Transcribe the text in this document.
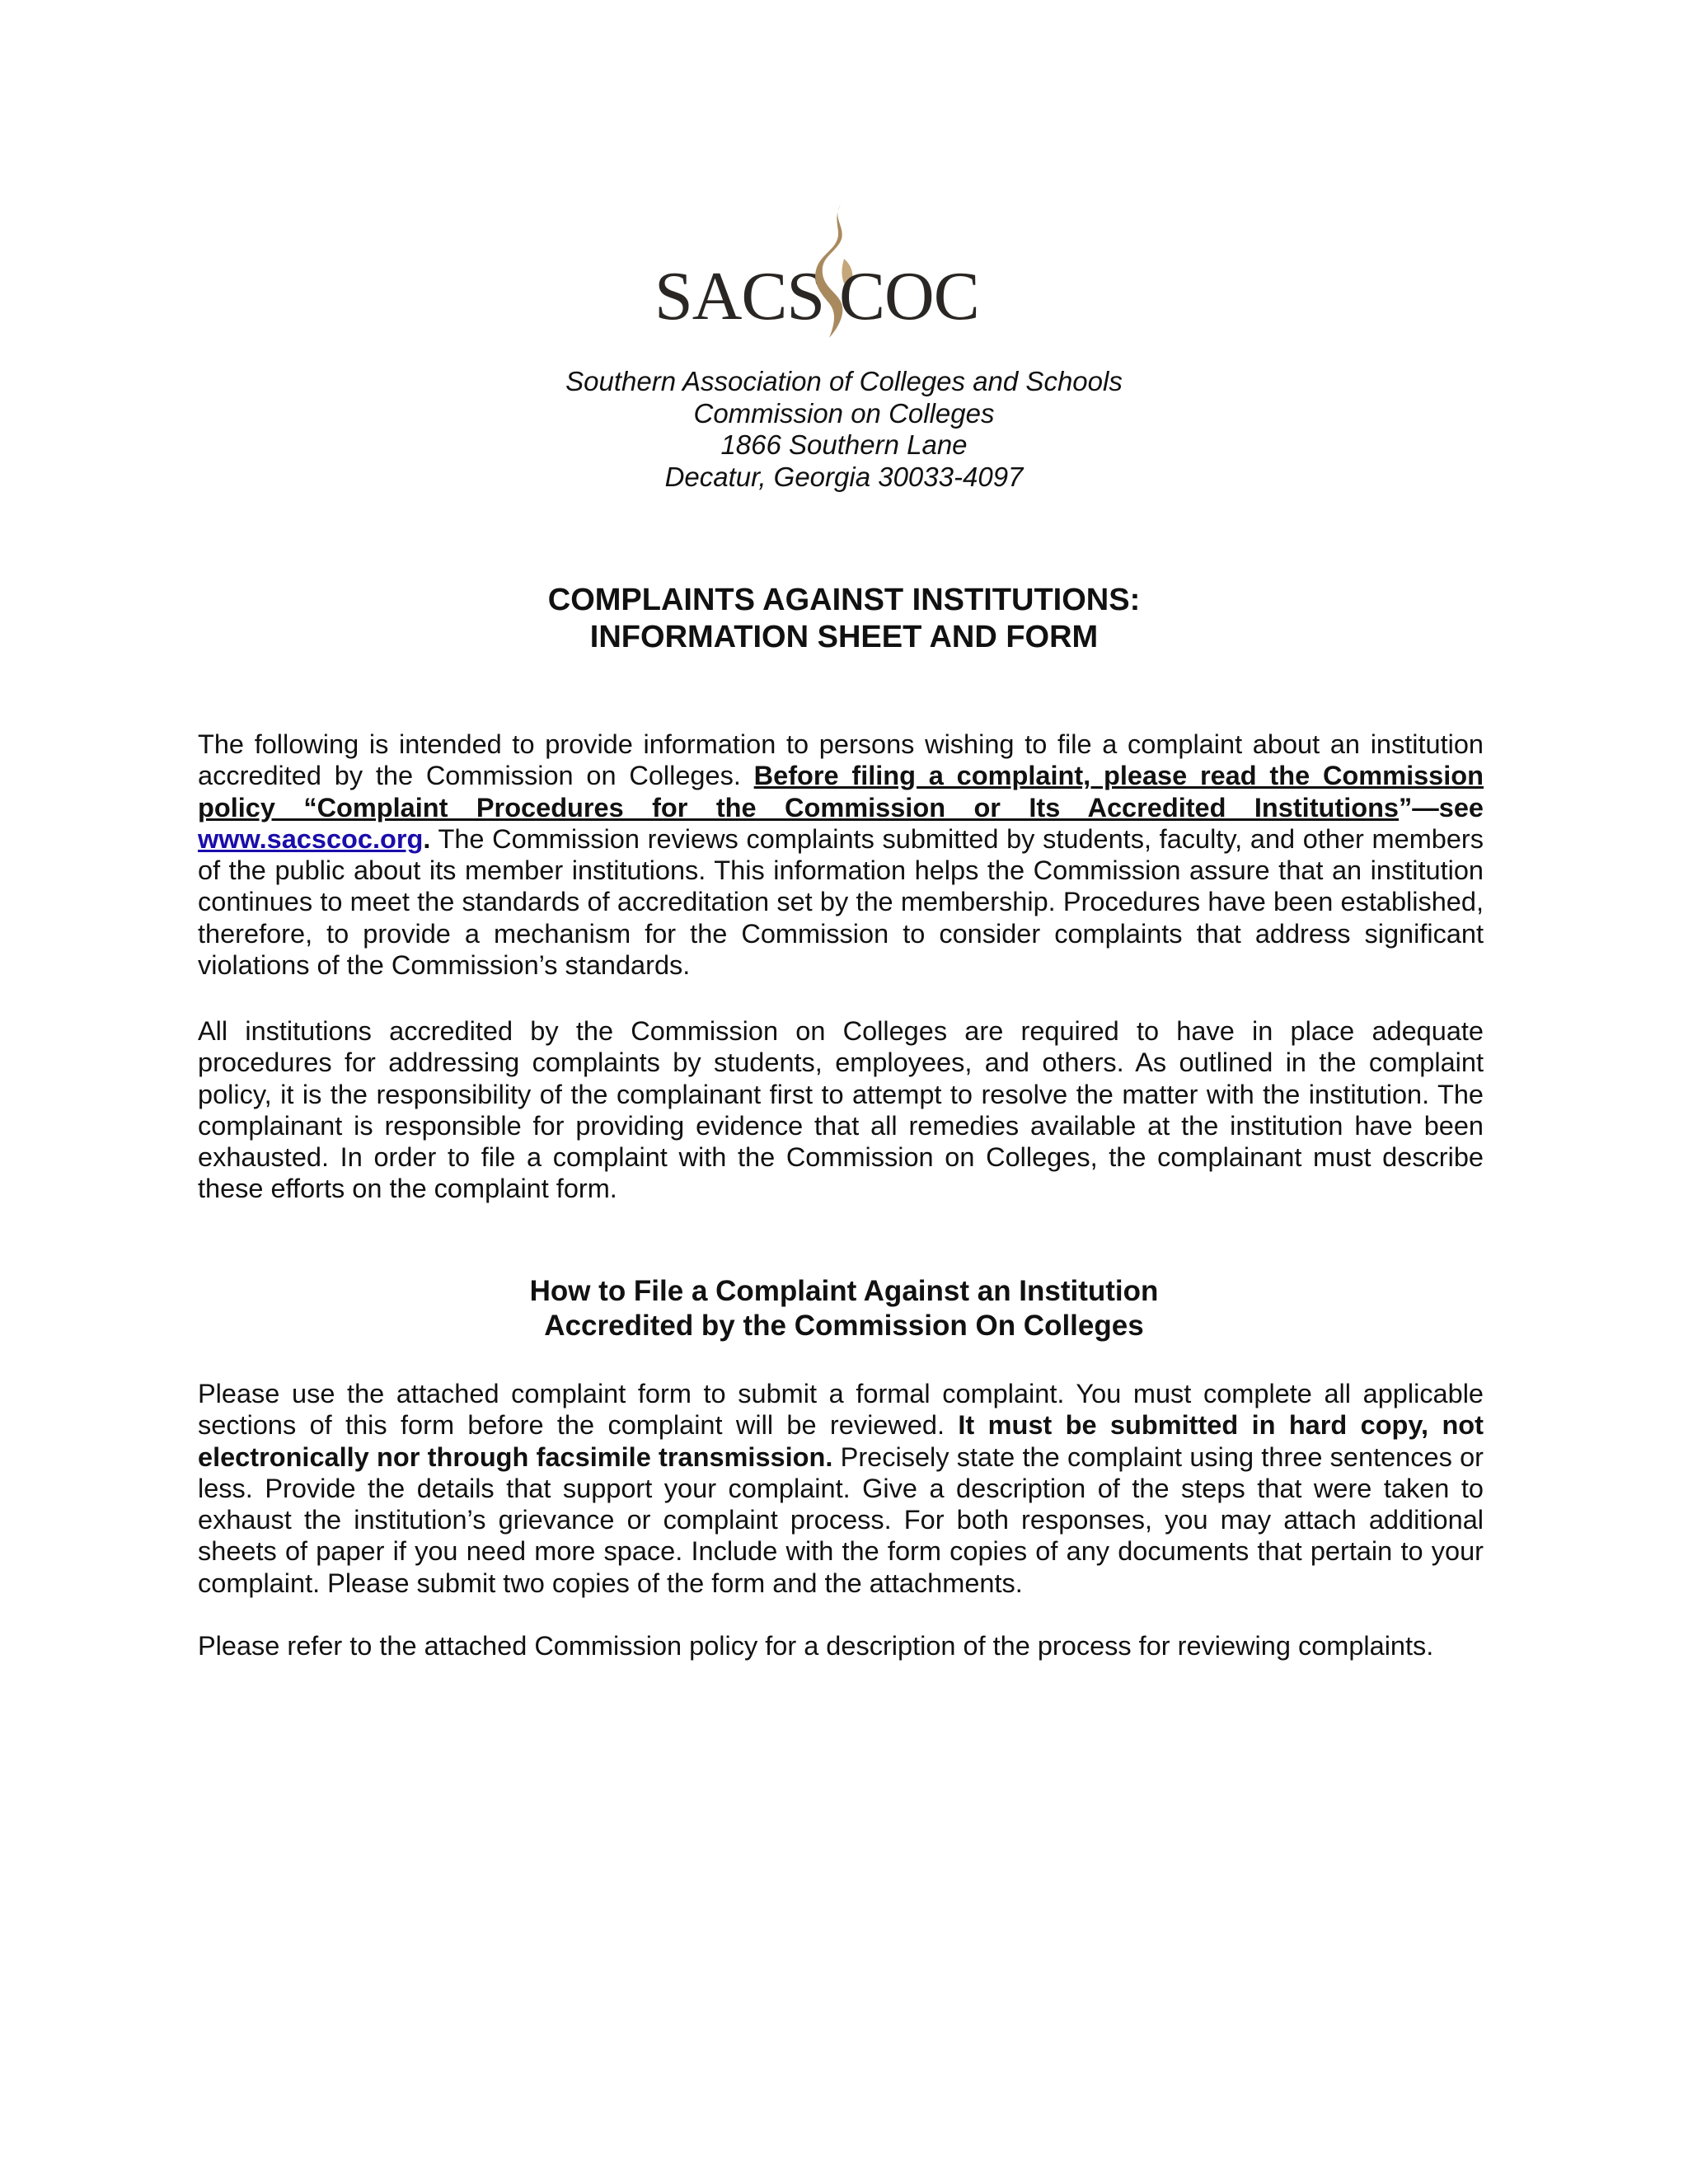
SACS COC
Southern Association of Colleges and Schools
Commission on Colleges
1866 Southern Lane
Decatur, Georgia 30033-4097
COMPLAINTS AGAINST INSTITUTIONS:
INFORMATION SHEET AND FORM

The following is intended to provide information to persons wishing to file a complaint about an institution accredited by the Commission on Colleges. Before filing a complaint, please read the Commission policy “Complaint Procedures for the Commission or Its Accredited Institutions”—see www.sacscoc.org. The Commission reviews complaints submitted by students, faculty, and other members of the public about its member institutions. This information helps the Commission assure that an institution continues to meet the standards of accreditation set by the membership. Procedures have been established, therefore, to provide a mechanism for the Commission to consider complaints that address significant violations of the Commission’s standards.

All institutions accredited by the Commission on Colleges are required to have in place adequate procedures for addressing complaints by students, employees, and others. As outlined in the complaint policy, it is the responsibility of the complainant first to attempt to resolve the matter with the institution. The complainant is responsible for providing evidence that all remedies available at the institution have been exhausted. In order to file a complaint with the Commission on Colleges, the complainant must describe these efforts on the complaint form.

How to File a Complaint Against an Institution
Accredited by the Commission On Colleges

Please use the attached complaint form to submit a formal complaint. You must complete all applicable sections of this form before the complaint will be reviewed. It must be submitted in hard copy, not electronically nor through facsimile transmission. Precisely state the complaint using three sentences or less. Provide the details that support your complaint. Give a description of the steps that were taken to exhaust the institution’s grievance or complaint process. For both responses, you may attach additional sheets of paper if you need more space. Include with the form copies of any documents that pertain to your complaint. Please submit two copies of the form and the attachments.

Please refer to the attached Commission policy for a description of the process for reviewing complaints.
